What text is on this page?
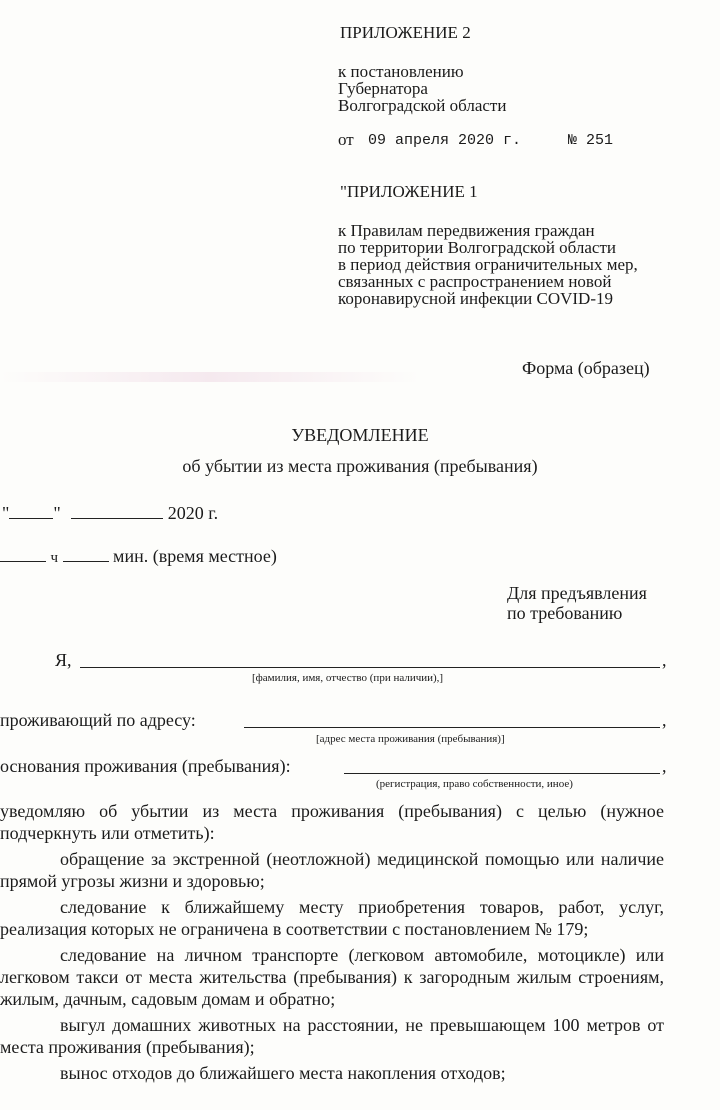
ПРИЛОЖЕНИЕ 2
к постановлению
Губернатора
Волгоградской области
от 09 апреля 2020 г.	№ 251
"ПРИЛОЖЕНИЕ 1
к Правилам передвижения граждан
по территории Волгоградской области
в период действия ограничительных мер,
связанных с распространением новой
коронавирусной инфекции COVID-19
Форма (образец)
УВЕДОМЛЕНИЕ
об убытии из места проживания (пребывания)
" "	2020 г.
ч	мин. (время местное)
Для предъявления
по требованию
Я,	,
[фамилия, имя, отчество (при наличии),]
проживающий по адресу:	,
[адрес места проживания (пребывания)]
основания проживания (пребывания):	,
(регистрация, право собственности, иное)
уведомляю об убытии из места проживания (пребывания) с целью (нужное подчеркнуть или отметить):
обращение за экстренной (неотложной) медицинской помощью или наличие прямой угрозы жизни и здоровью;
следование к ближайшему месту приобретения товаров, работ, услуг, реализация которых не ограничена в соответствии с постановлением № 179;
следование на личном транспорте (легковом автомобиле, мотоцикле) или легковом такси от места жительства (пребывания) к загородным жилым строениям, жилым, дачным, садовым домам и обратно;
выгул домашних животных на расстоянии, не превышающем 100 метров от места проживания (пребывания);
вынос отходов до ближайшего места накопления отходов;
